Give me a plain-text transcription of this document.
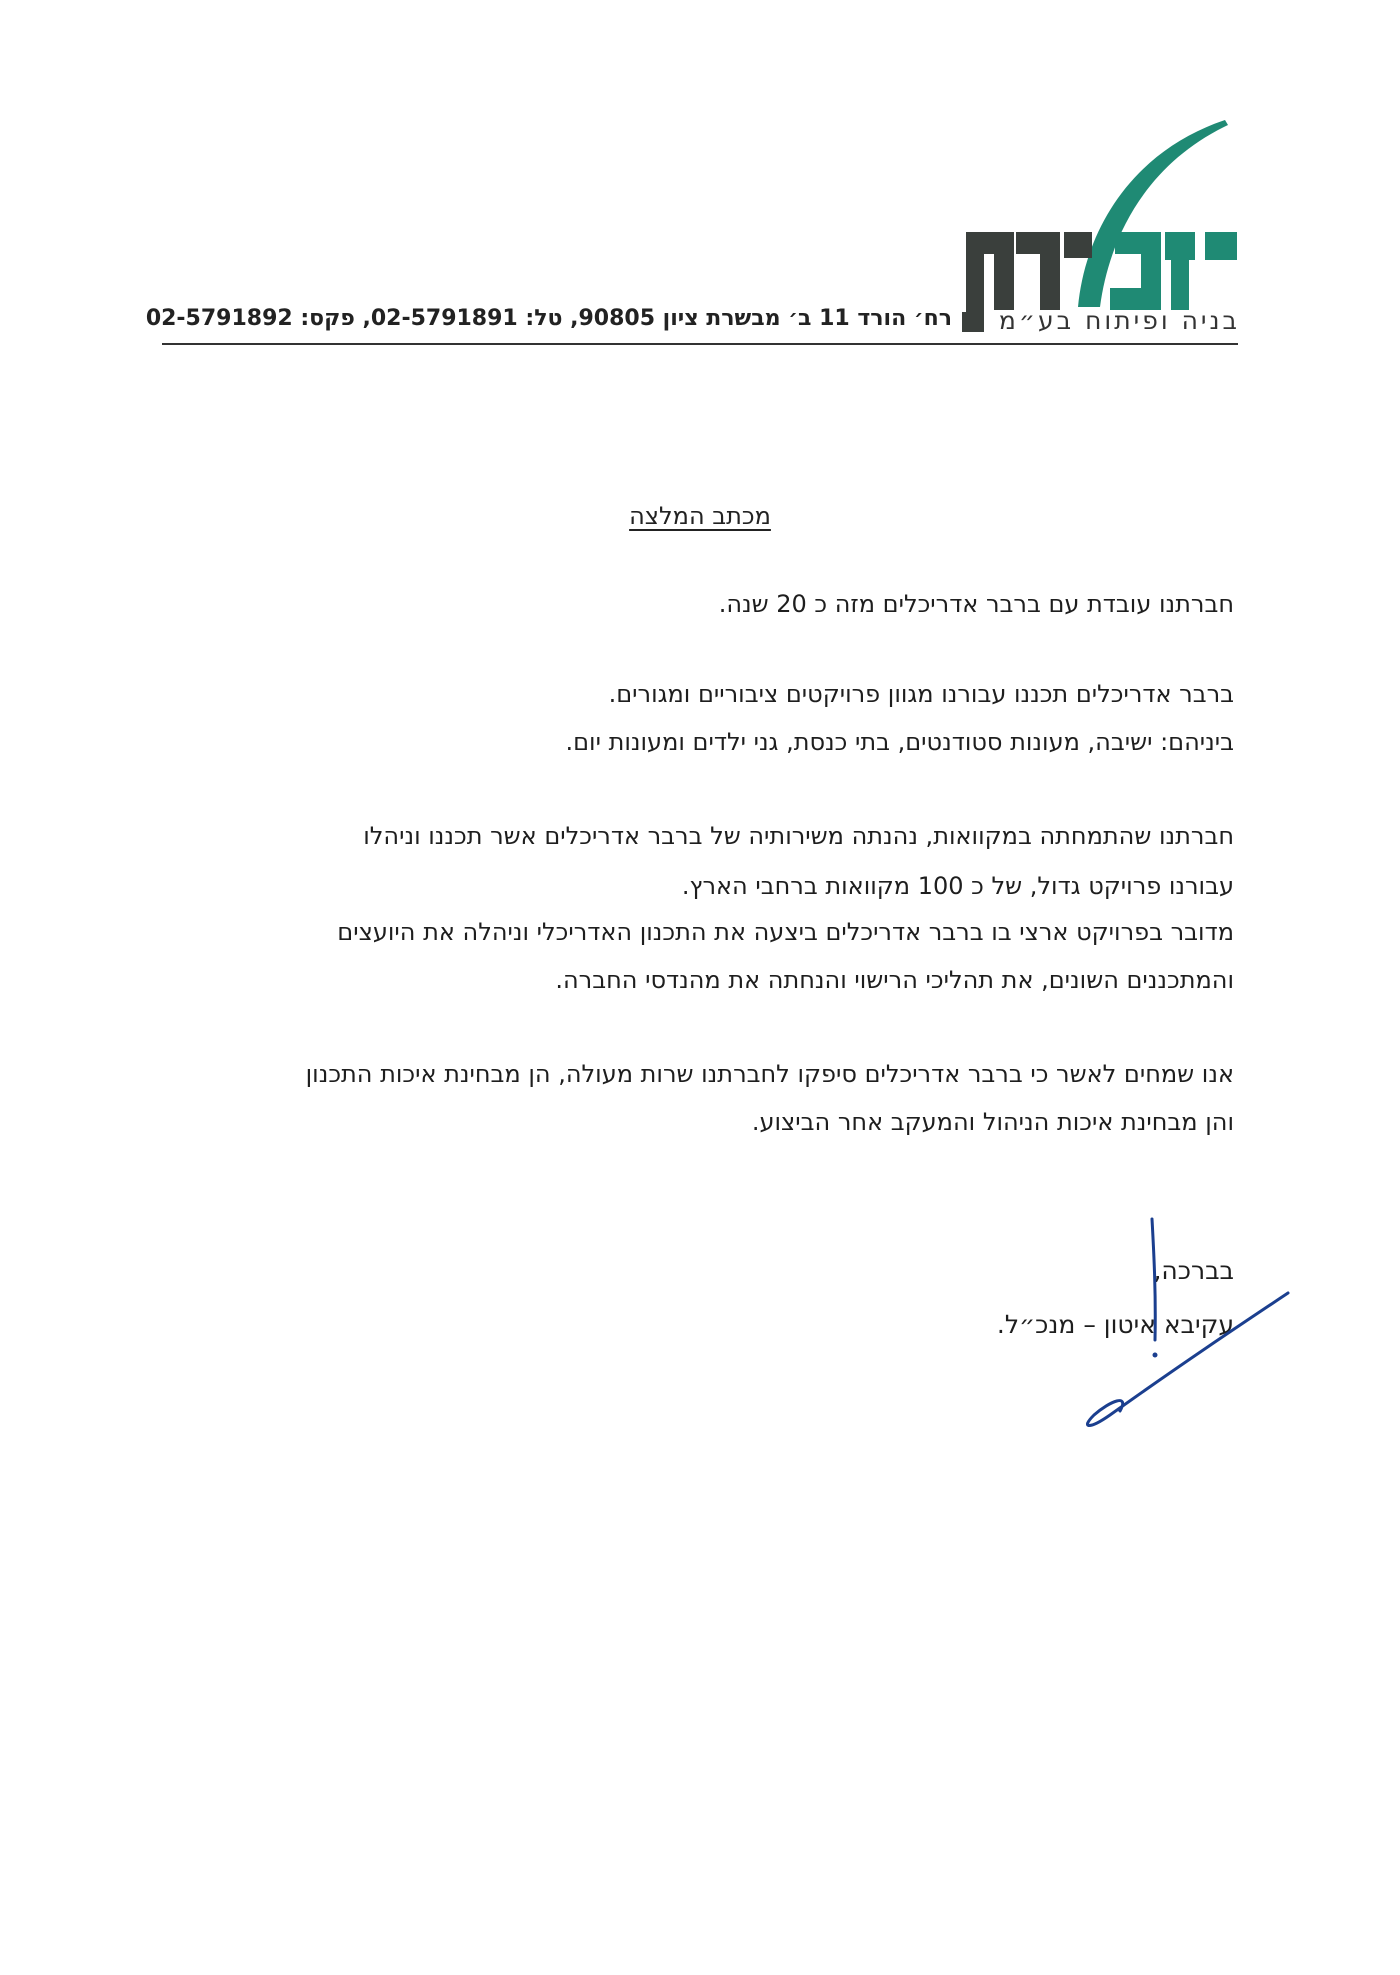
בניה ופיתוח בע״מ
רח׳ הורד 11 ב׳ מבשרת ציון 90805, טל: 02-5791891, פקס: 02-5791892
מכתב המלצה
חברתנו עובדת עם ברבר אדריכלים מזה כ 20 שנה.
ברבר אדריכלים תכננו עבורנו מגוון פרויקטים ציבוריים ומגורים.
ביניהם: ישיבה, מעונות סטודנטים, בתי כנסת, גני ילדים ומעונות יום.
חברתנו שהתמחתה במקוואות, נהנתה משירותיה של ברבר אדריכלים אשר תכננו וניהלו
עבורנו פרויקט גדול, של כ 100 מקוואות ברחבי הארץ.
מדובר בפרויקט ארצי בו ברבר אדריכלים ביצעה את התכנון האדריכלי וניהלה את היועצים
והמתכננים השונים, את תהליכי הרישוי והנחתה את מהנדסי החברה.
אנו שמחים לאשר כי ברבר אדריכלים סיפקו לחברתנו שרות מעולה, הן מבחינת איכות התכנון
והן מבחינת איכות הניהול והמעקב אחר הביצוע.
בברכה,
עקיבא איטון – מנכ״ל.
